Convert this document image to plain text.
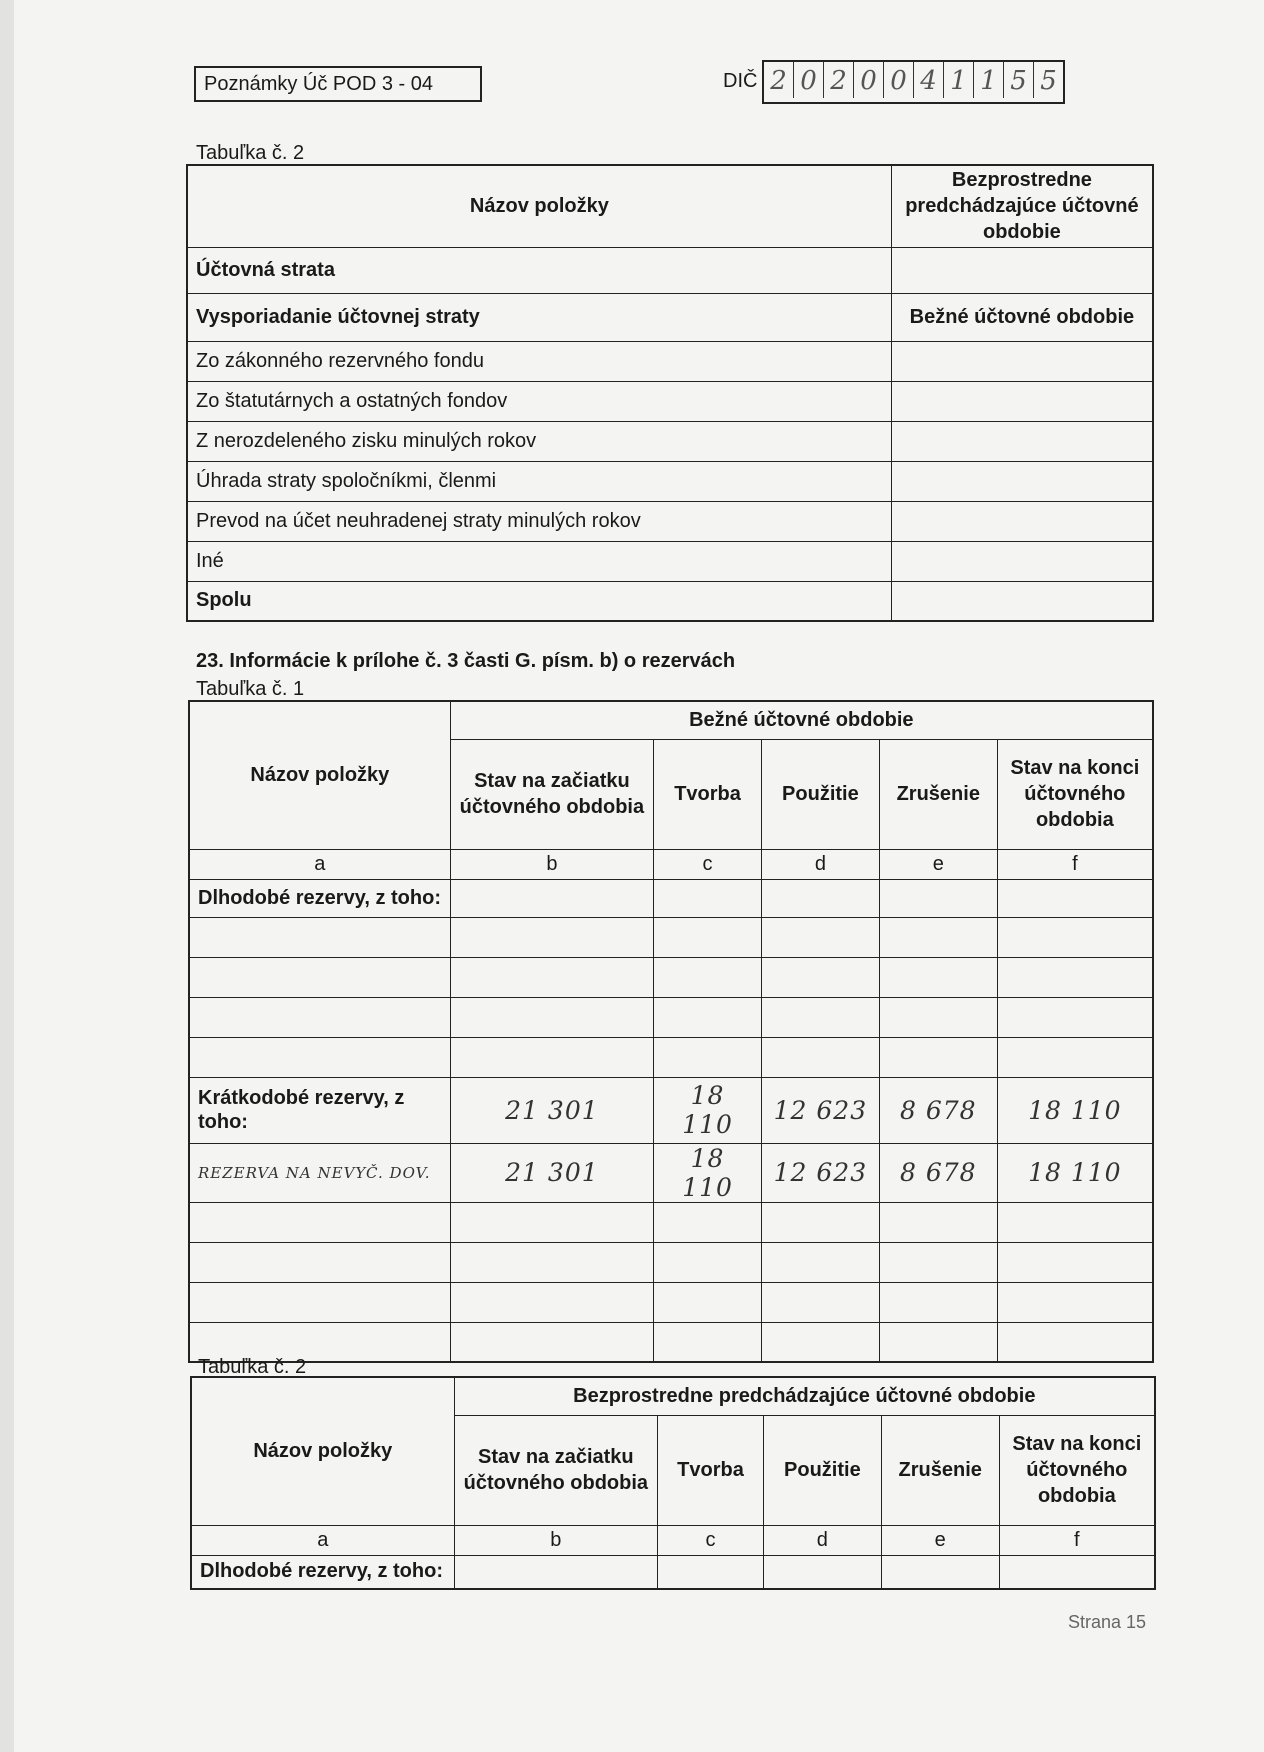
Poznámky Úč POD 3 - 04	DIČ 2 0 2 0 0 4 1 1 5 5
Tabuľka č. 2
Názov položky	Bezprostredne predchádzajúce účtovné obdobie
Účtovná strata	
Vysporiadanie účtovnej straty	Bežné účtovné obdobie
Zo zákonného rezervného fondu	
Zo štatutárnych a ostatných fondov	
Z nerozdeleného zisku minulých rokov	
Úhrada straty spoločníkmi, členmi	
Prevod na účet neuhradenej straty minulých rokov	
Iné	
Spolu	
23. Informácie k prílohe č. 3 časti G. písm. b) o rezervách
Tabuľka č. 1
Názov položky	Bežné účtovné obdobie				
	Stav na začiatku účtovného obdobia	Tvorba	Použitie	Zrušenie	Stav na konci účtovného obdobia
a	b	c	d	e	f
Dlhodobé rezervy, z toho:					

Krátkodobé rezervy, z toho:	21 301	18 110	12 623	8 678	18 110
REZERVA NA NEVYČ. DOV.	21 301	18 110	12 623	8 678	18 110

Tabuľka č. 2
Názov položky	Bezprostredne predchádzajúce účtovné obdobie				
	Stav na začiatku účtovného obdobia	Tvorba	Použitie	Zrušenie	Stav na konci účtovného obdobia
a	b	c	d	e	f
Dlhodobé rezervy, z toho:					
Strana 15
